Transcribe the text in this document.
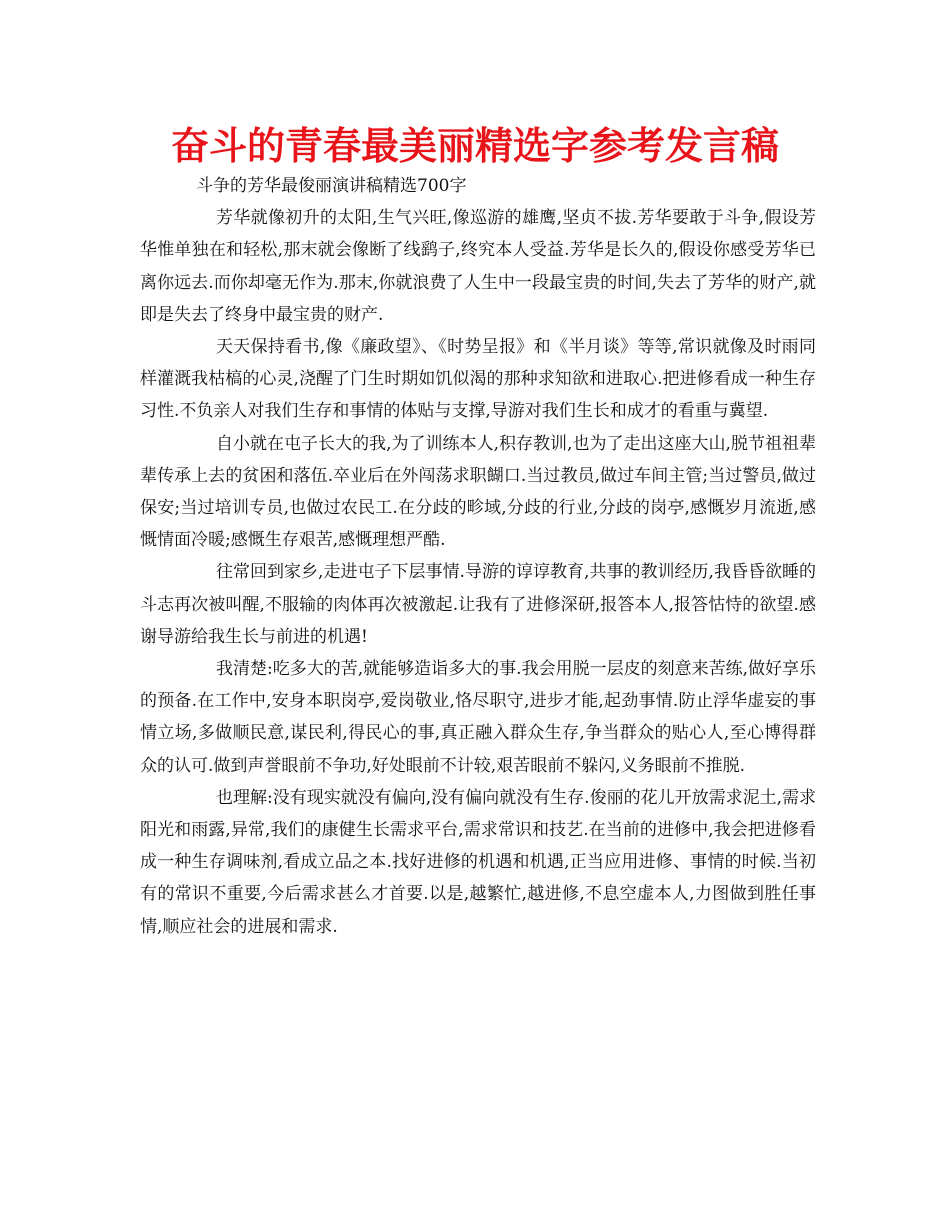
奋斗的青春最美丽精选字参考发言稿

斗争的芳华最俊丽演讲稿精选700字

芳华就像初升的太阳,生气兴旺,像巡游的雄鹰,坚贞不拔.芳华要敢于斗争,假设芳华惟单独在和轻松,那末就会像断了线鹞子,终究本人受益.芳华是长久的,假设你感受芳华已离你远去.而你却毫无作为.那末,你就浪费了人生中一段最宝贵的时间,失去了芳华的财产,就即是失去了终身中最宝贵的财产.

天天保持看书,像《廉政望》、《时势呈报》和《半月谈》等等,常识就像及时雨同样灌溉我枯槁的心灵,浇醒了门生时期如饥似渴的那种求知欲和进取心.把进修看成一种生存习性.不负亲人对我们生存和事情的体贴与支撑,导游对我们生长和成才的看重与冀望.

自小就在屯子长大的我,为了训练本人,积存教训,也为了走出这座大山,脱节祖祖辈辈传承上去的贫困和落伍.卒业后在外闯荡求职餬口.当过教员,做过车间主管;当过警员,做过保安;当过培训专员,也做过农民工.在分歧的畛域,分歧的行业,分歧的岗亭,感慨岁月流逝,感慨情面冷暖;感慨生存艰苦,感慨理想严酷.

往常回到家乡,走进屯子下层事情.导游的谆谆教育,共事的教训经历,我昏昏欲睡的斗志再次被叫醒,不服输的肉体再次被激起.让我有了进修深研,报答本人,报答怙恃的欲望.感谢导游给我生长与前进的机遇!

我清楚:吃多大的苦,就能够造诣多大的事.我会用脱一层皮的刻意来苦练,做好享乐的预备.在工作中,安身本职岗亭,爱岗敬业,恪尽职守,进步才能,起劲事情.防止浮华虚妄的事情立场,多做顺民意,谋民利,得民心的事,真正融入群众生存,争当群众的贴心人,至心博得群众的认可.做到声誉眼前不争功,好处眼前不计较,艰苦眼前不躲闪,义务眼前不推脱.

也理解:没有现实就没有偏向,没有偏向就没有生存.俊丽的花儿开放需求泥土,需求阳光和雨露,异常,我们的康健生长需求平台,需求常识和技艺.在当前的进修中,我会把进修看成一种生存调味剂,看成立品之本.找好进修的机遇和机遇,正当应用进修、事情的时候.当初有的常识不重要,今后需求甚么才首要.以是,越繁忙,越进修,不息空虚本人,力图做到胜任事情,顺应社会的进展和需求.
